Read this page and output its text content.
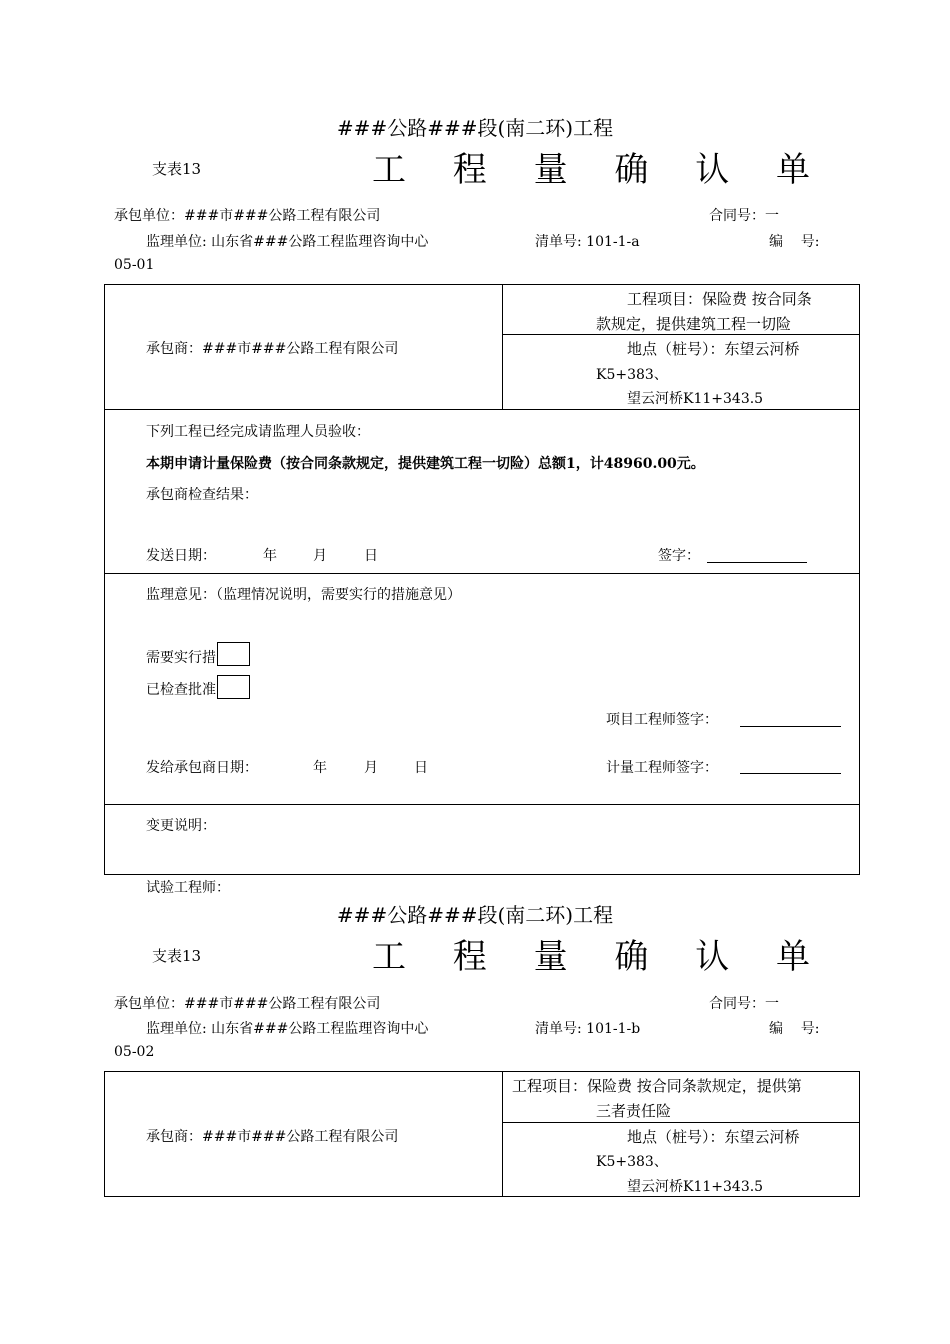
###公路###段(南二环)工程
支表13	工 程 量 确 认 单
承包单位：###市###公路工程有限公司	合同号：一
监理单位: 山东省###公路工程监理咨询中心	清单号: 101-1-a	编    号:
05-01
承包商：###市###公路工程有限公司
工程项目：保险费 按合同条
款规定，提供建筑工程一切险
地点（桩号）：东望云河桥
K5+383、
望云河桥K11+343.5
下列工程已经完成请监理人员验收：
本期申请计量保险费（按合同条款规定，提供建筑工程一切险）总额1，计48960.00元。
承包商检查结果：
发送日期：	年	月	日	签字：
监理意见：（监理情况说明，需要实行的措施意见）
需要实行措
已检查批准
项目工程师签字：
发给承包商日期：	年	月	日	计量工程师签字：
变更说明：
试验工程师：
###公路###段(南二环)工程
支表13	工 程 量 确 认 单
承包单位：###市###公路工程有限公司	合同号：一
监理单位: 山东省###公路工程监理咨询中心	清单号: 101-1-b	编    号:
05-02
承包商：###市###公路工程有限公司
工程项目：保险费 按合同条款规定，提供第
三者责任险
地点（桩号）：东望云河桥
K5+383、
望云河桥K11+343.5
